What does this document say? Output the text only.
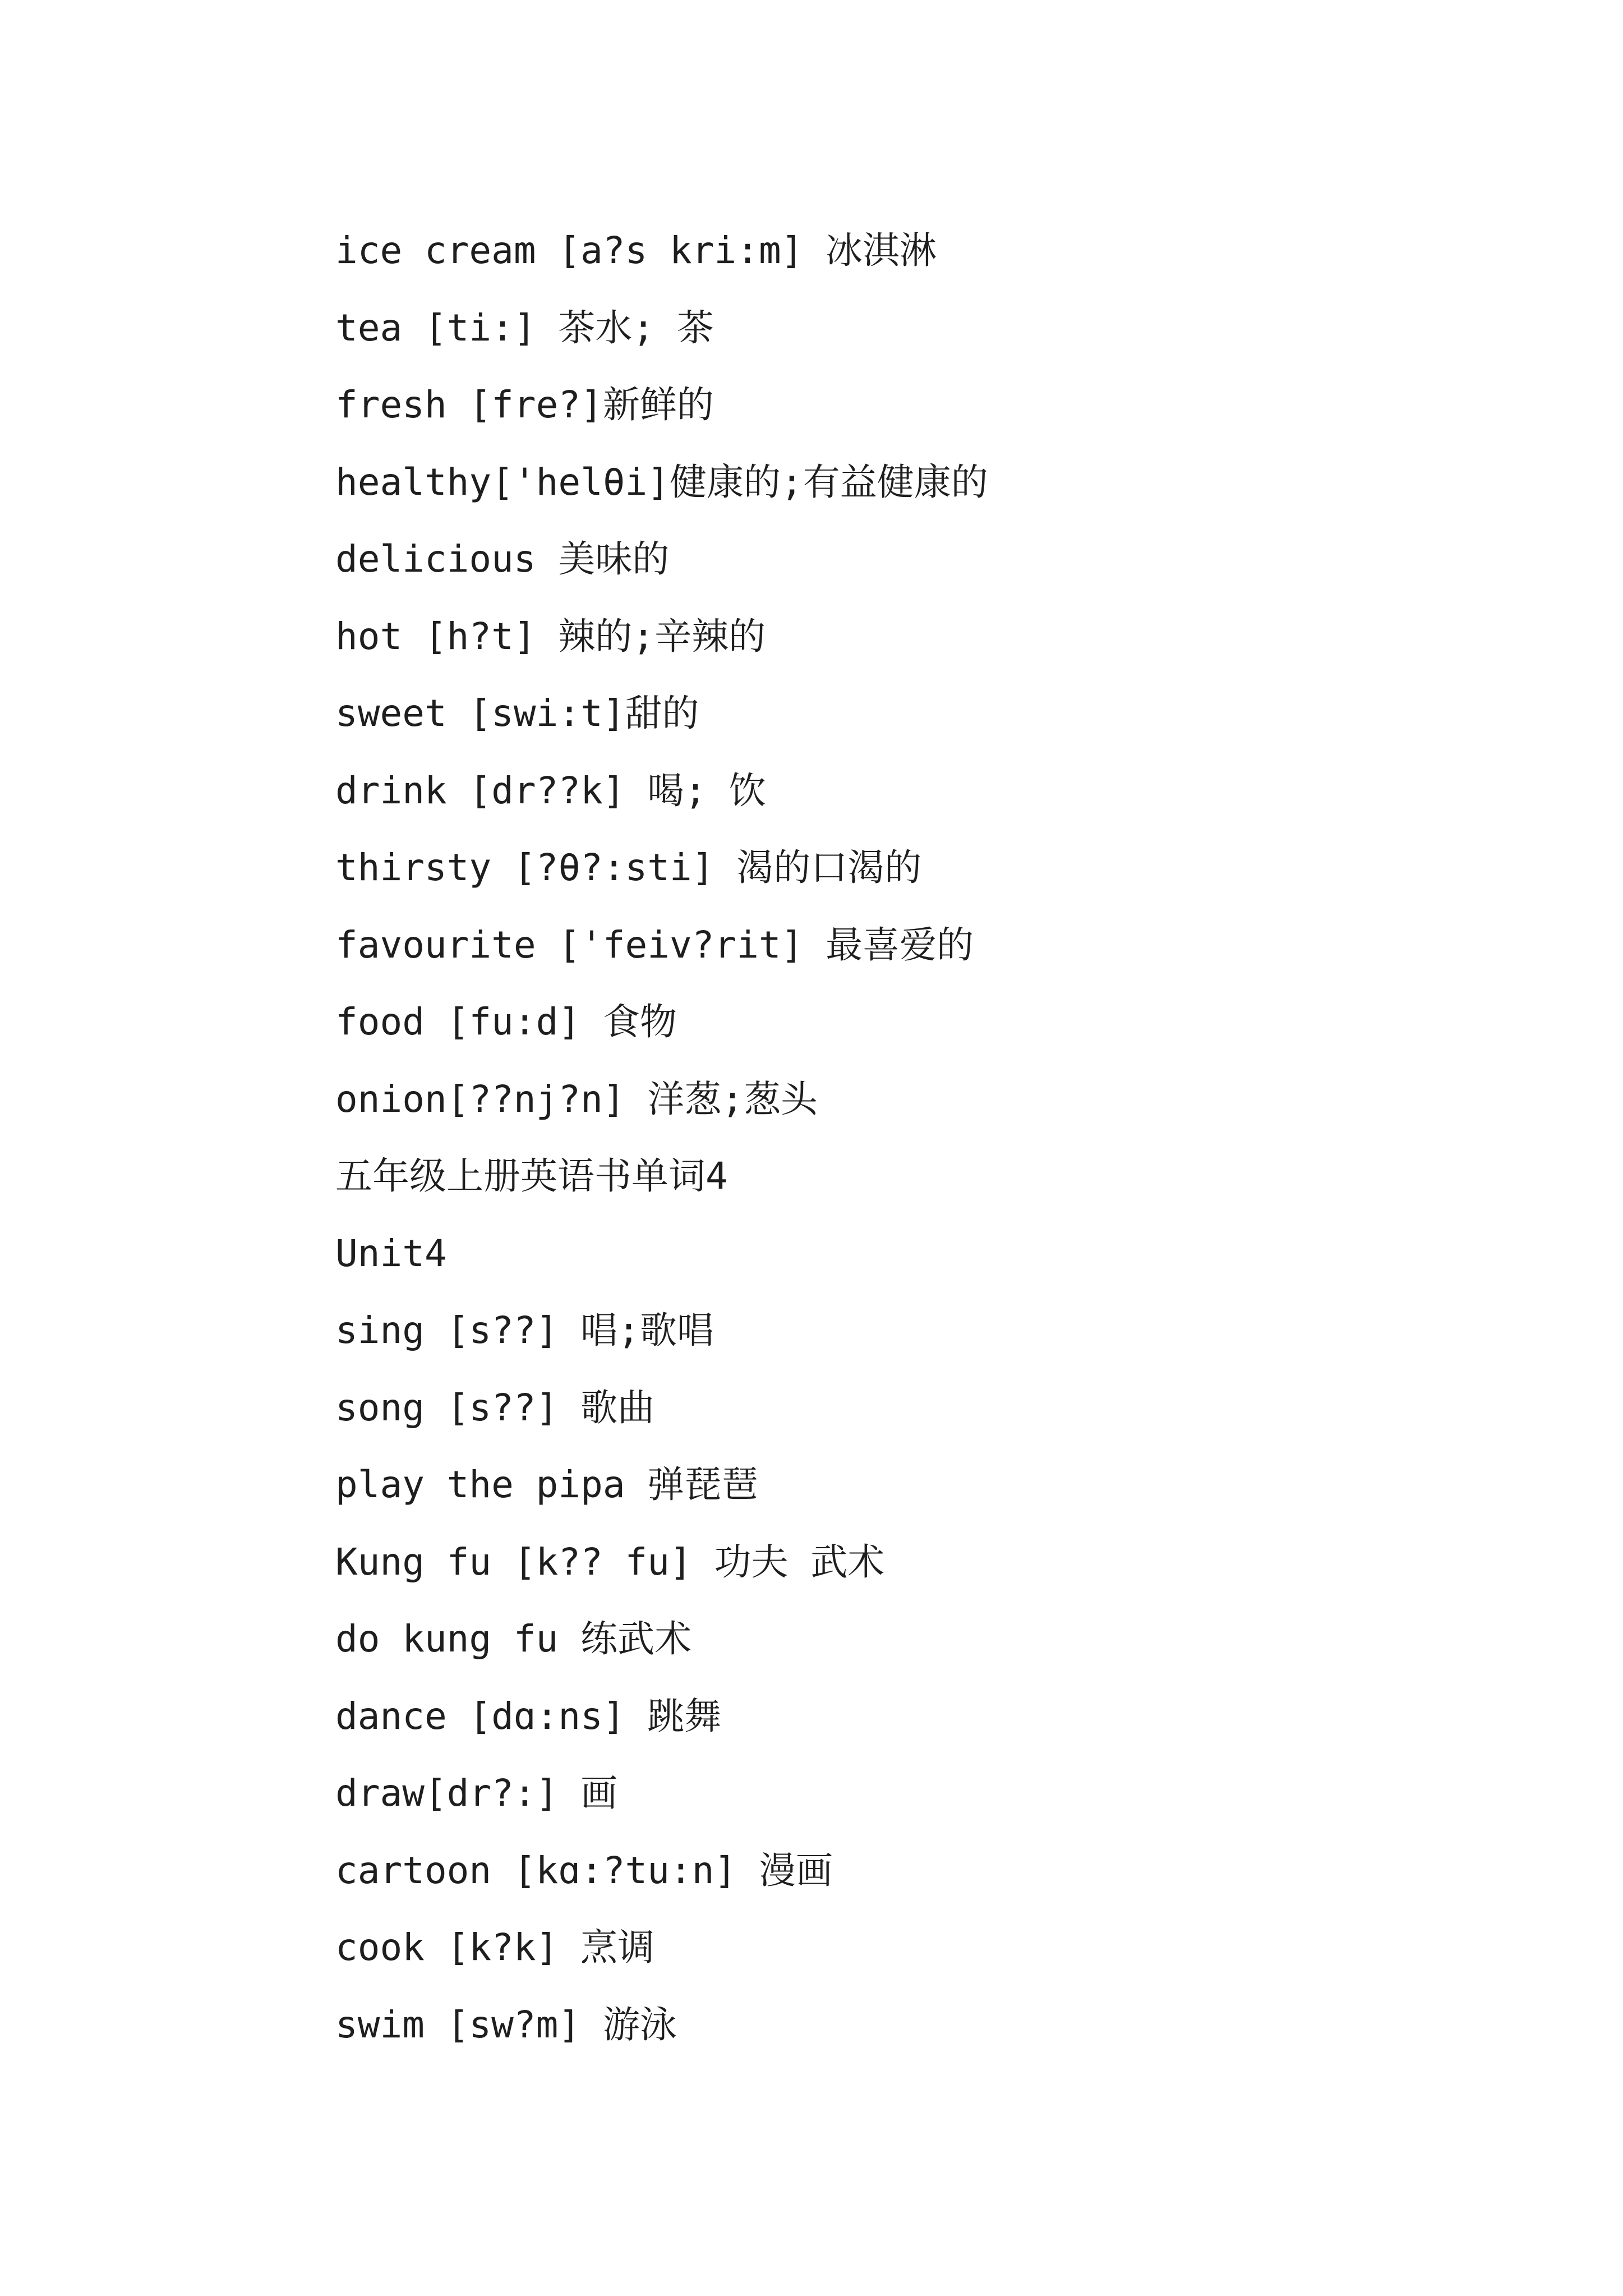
ice cream [a?s kri:m] 冰淇淋
tea [ti:] 茶水; 茶
fresh [fre?]新鲜的
healthy['helθi]健康的;有益健康的
delicious 美味的
hot [h?t] 辣的;辛辣的
sweet [swi:t]甜的
drink [dr??k] 喝; 饮
thirsty [?θ?:sti] 渴的口渴的
favourite ['feiv?rit] 最喜爱的
food [fu:d] 食物
onion[??nj?n] 洋葱;葱头
五年级上册英语书单词4
Unit4
sing [s??] 唱;歌唱
song [s??] 歌曲
play the pipa 弹琵琶
Kung fu [k?? fu] 功夫 武术
do kung fu 练武术
dance [dɑ:ns] 跳舞
draw[dr?:] 画
cartoon [kɑ:?tu:n] 漫画
cook [k?k] 烹调
swim [sw?m] 游泳
